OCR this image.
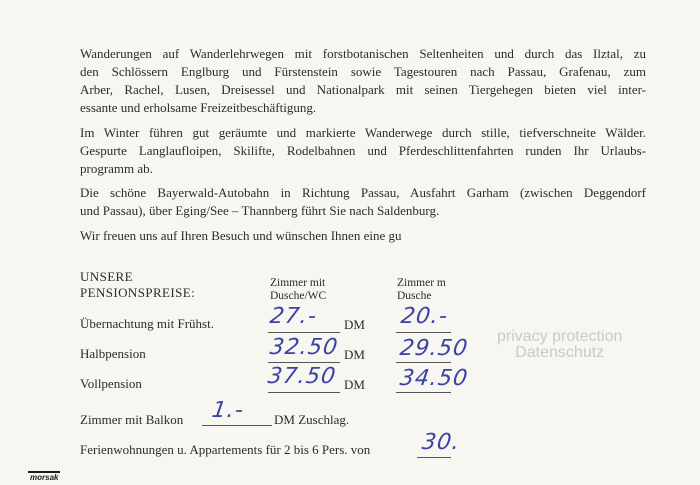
Wanderungen auf Wanderlehrwegen mit forstbotanischen Seltenheiten und durch das Ilztal, zu
den Schlössern Englburg und Fürstenstein sowie Tagestouren nach Passau, Grafenau, zum
Arber, Rachel, Lusen, Dreisessel und Nationalpark mit seinen Tiergehegen bieten viel inter-
essante und erholsame Freizeitbeschäftigung.

Im Winter führen gut geräumte und markierte Wanderwege durch stille, tiefverschneite Wälder.
Gespurte Langlaufloipen, Skilifte, Rodelbahnen und Pferdeschlittenfahrten runden Ihr Urlaubs-
programm ab.

Die schöne Bayerwald-Autobahn in Richtung Passau, Ausfahrt Garham (zwischen Deggendorf
und Passau), über Eging/See – Thannberg führt Sie nach Saldenburg.

Wir freuen uns auf Ihren Besuch und wünschen Ihnen eine gu

UNSERE
PENSIONSPREISE:
Zimmer mit
Dusche/WC
Zimmer m
Dusche
Übernachtung mit Frühst. 27.-	DM 20.-
Halbpension	32.50 DM 29.50
Vollpension	37.50 DM 34.50
Zimmer mit Balkon 1.-	DM Zuschlag.
Ferienwohnungen u. Appartements für 2 bis 6 Pers. von 30.
privacy protection
Datenschutz
morsak
